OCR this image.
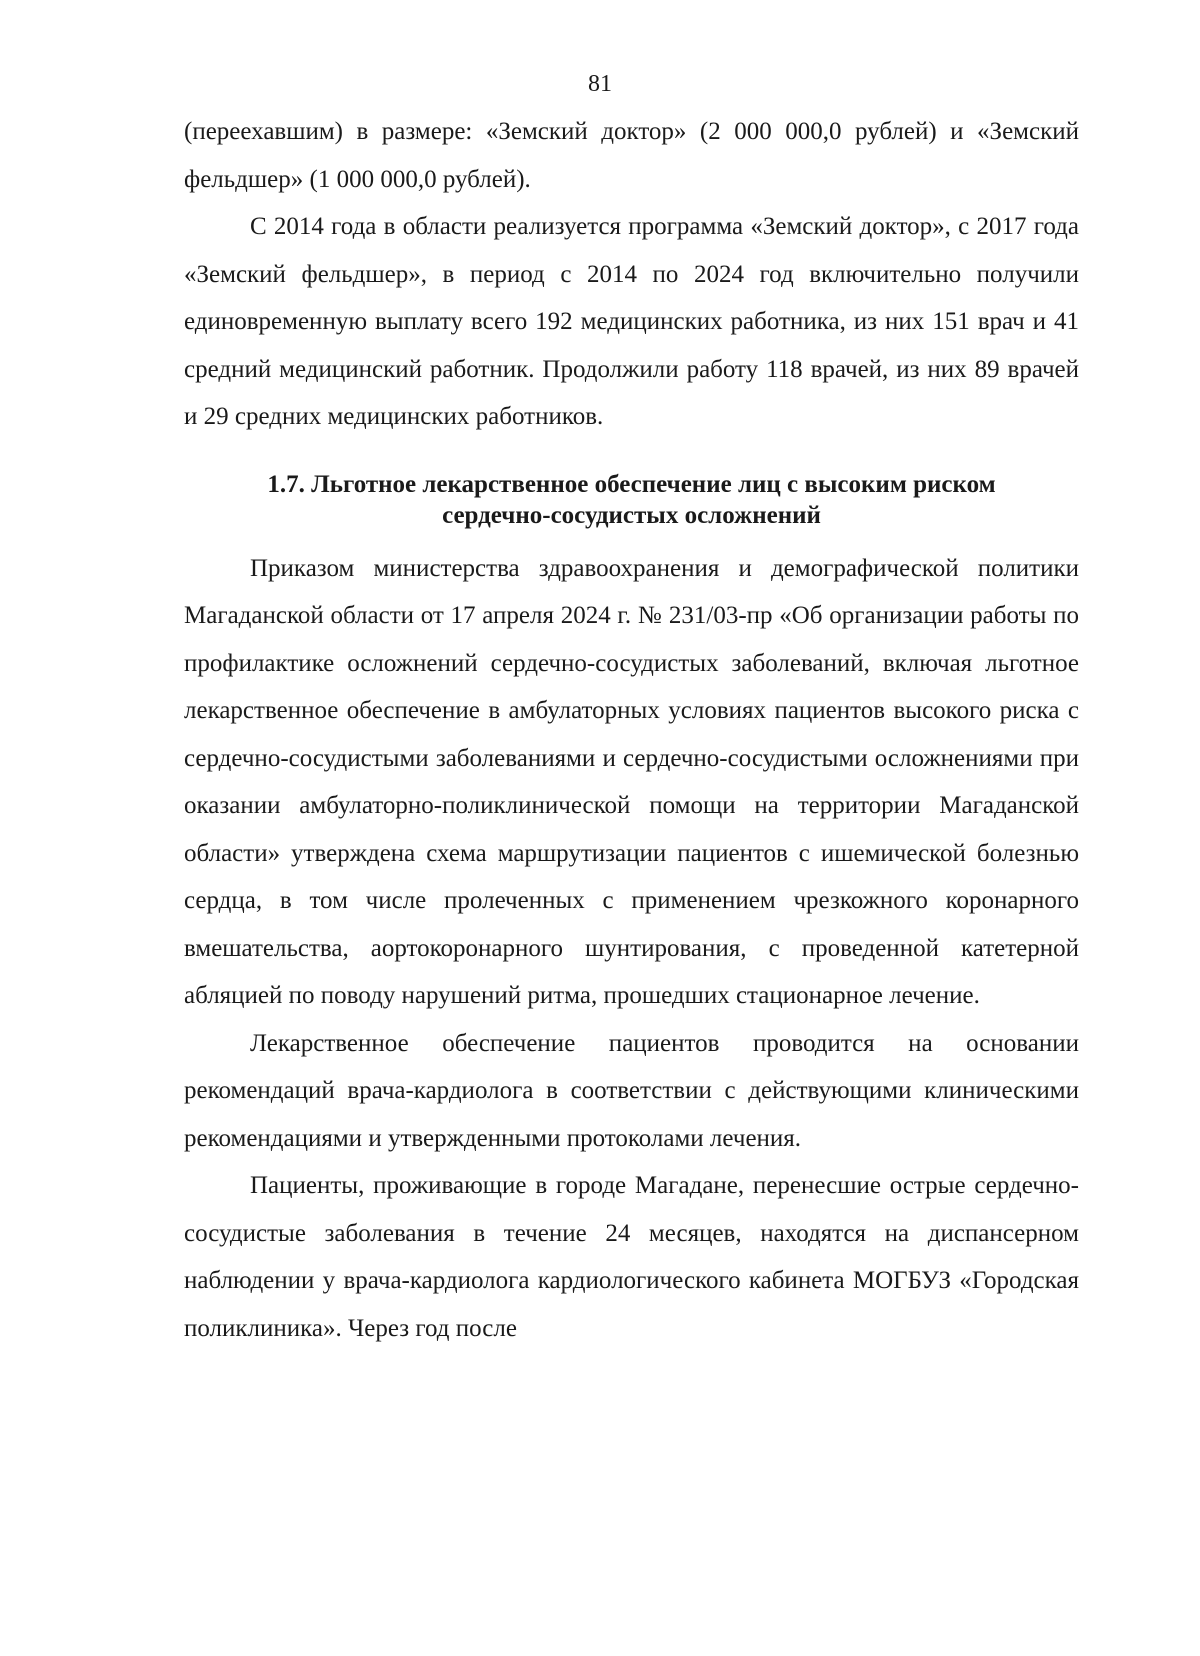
81

(переехавшим) в размере: «Земский доктор» (2 000 000,0 рублей) и «Земский фельдшер» (1 000 000,0 рублей).

С 2014 года в области реализуется программа «Земский доктор», с 2017 года «Земский фельдшер», в период с 2014 по 2024 год включительно получили единовременную выплату всего 192 медицинских работника, из них 151 врач и 41 средний медицинский работник. Продолжили работу 118 врачей, из них 89 врачей и 29 средних медицинских работников.

1.7. Льготное лекарственное обеспечение лиц с высоким риском
сердечно-сосудистых осложнений

Приказом министерства здравоохранения и демографической политики Магаданской области от 17 апреля 2024 г. № 231/03-пр «Об организации работы по профилактике осложнений сердечно-сосудистых заболеваний, включая льготное лекарственное обеспечение в амбулаторных условиях пациентов высокого риска с сердечно-сосудистыми заболеваниями и сердечно-сосудистыми осложнениями при оказании амбулаторно-поликлинической помощи на территории Магаданской области» утверждена схема маршрутизации пациентов с ишемической болезнью сердца, в том числе пролеченных с применением чрезкожного коронарного вмешательства, аортокоронарного шунтирования, с проведенной катетерной абляцией по поводу нарушений ритма, прошедших стационарное лечение.

Лекарственное обеспечение пациентов проводится на основании рекомендаций врача-кардиолога в соответствии с действующими клиническими рекомендациями и утвержденными протоколами лечения.

Пациенты, проживающие в городе Магадане, перенесшие острые сердечно-сосудистые заболевания в течение 24 месяцев, находятся на диспансерном наблюдении у врача-кардиолога кардиологического кабинета МОГБУЗ «Городская поликлиника». Через год после
